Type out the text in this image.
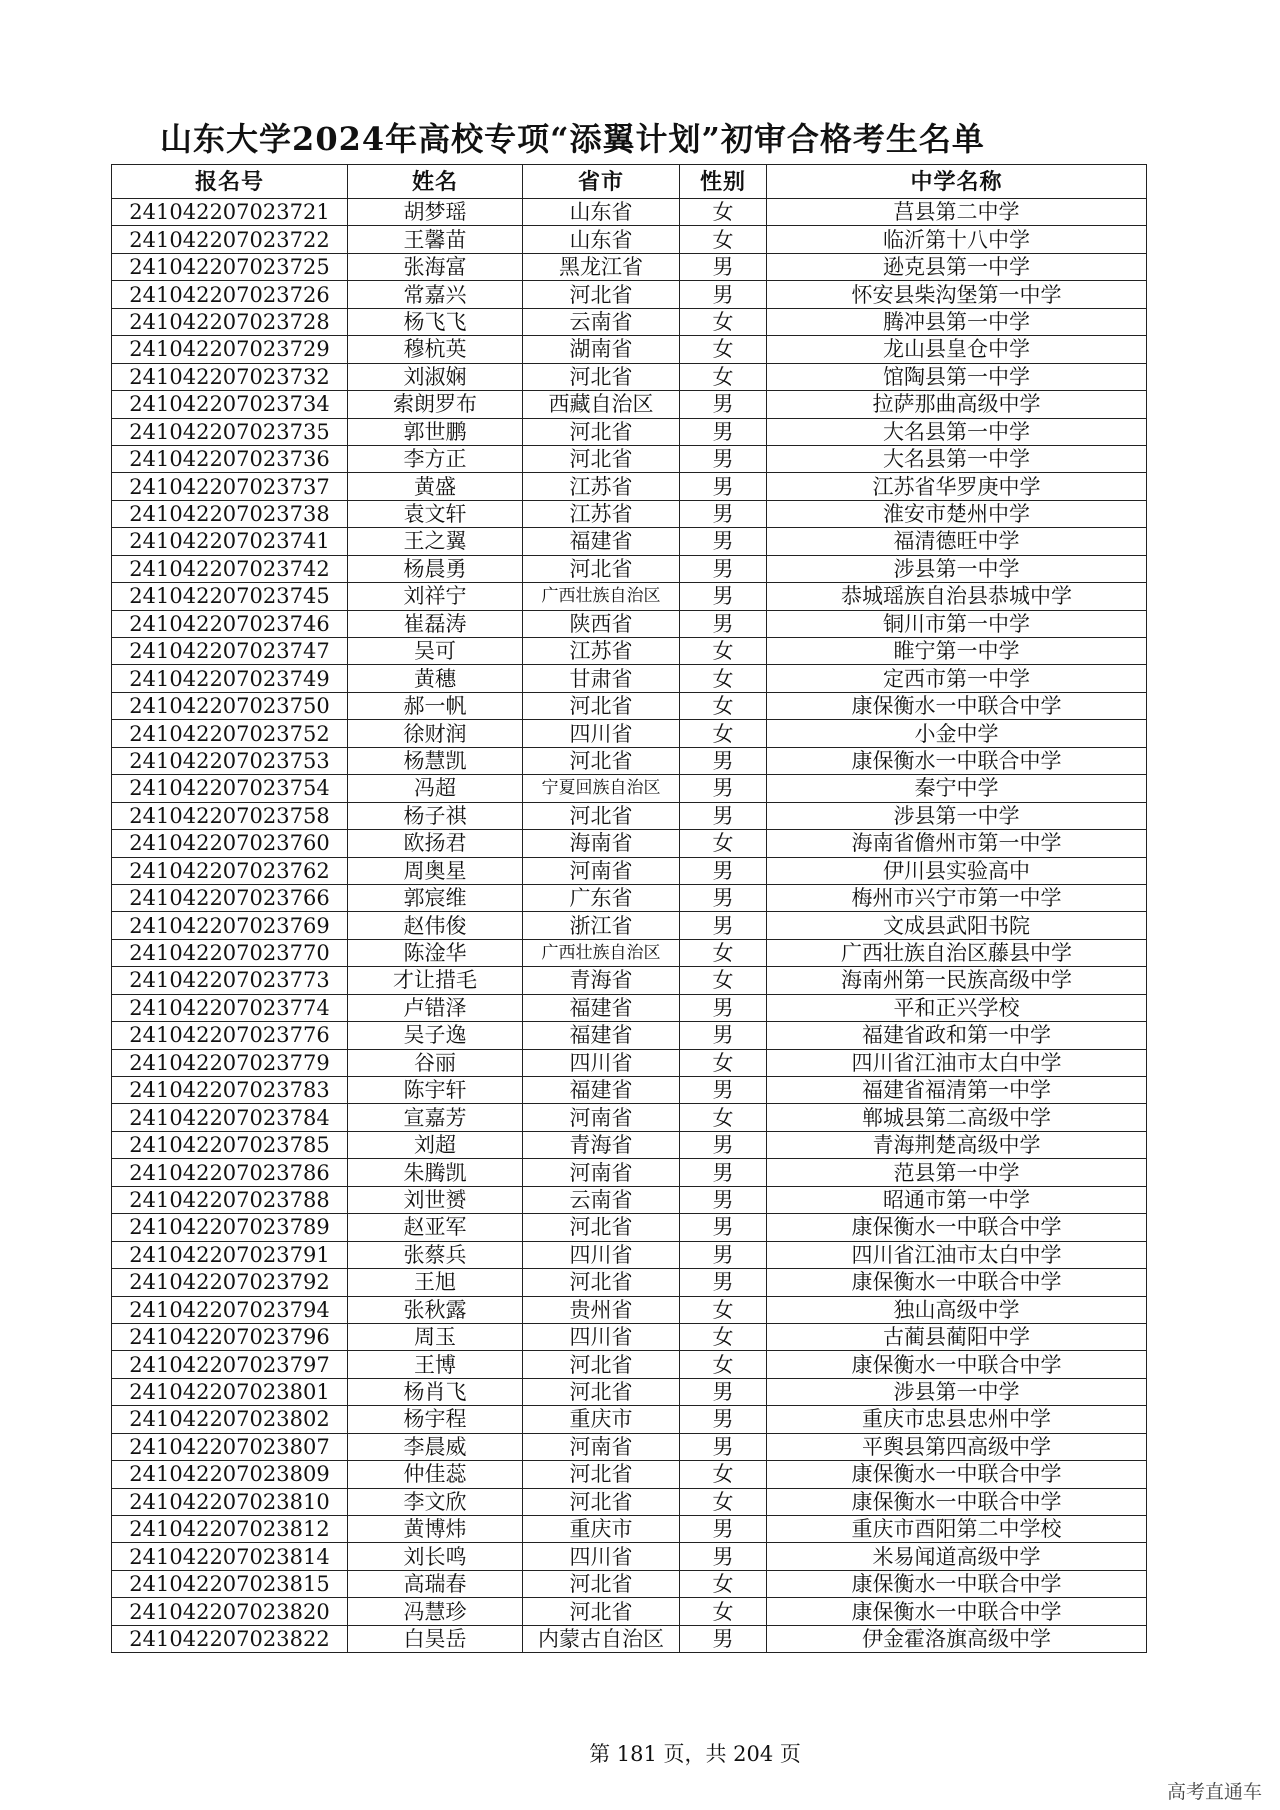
山东大学2024年高校专项“添翼计划”初审合格考生名单
报名号	姓名	省市	性别	中学名称
241042207023721	胡梦瑶	山东省	女	莒县第二中学
241042207023722	王馨苗	山东省	女	临沂第十八中学
241042207023725	张海富	黑龙江省	男	逊克县第一中学
241042207023726	常嘉兴	河北省	男	怀安县柴沟堡第一中学
241042207023728	杨飞飞	云南省	女	腾冲县第一中学
241042207023729	穆杭英	湖南省	女	龙山县皇仓中学
241042207023732	刘淑娴	河北省	女	馆陶县第一中学
241042207023734	索朗罗布	西藏自治区	男	拉萨那曲高级中学
241042207023735	郭世鹏	河北省	男	大名县第一中学
241042207023736	李方正	河北省	男	大名县第一中学
241042207023737	黄盛	江苏省	男	江苏省华罗庚中学
241042207023738	袁文轩	江苏省	男	淮安市楚州中学
241042207023741	王之翼	福建省	男	福清德旺中学
241042207023742	杨晨勇	河北省	男	涉县第一中学
241042207023745	刘祥宁	广西壮族自治区	男	恭城瑶族自治县恭城中学
241042207023746	崔磊涛	陕西省	男	铜川市第一中学
241042207023747	吴可	江苏省	女	睢宁第一中学
241042207023749	黄穗	甘肃省	女	定西市第一中学
241042207023750	郝一帆	河北省	女	康保衡水一中联合中学
241042207023752	徐财润	四川省	女	小金中学
241042207023753	杨慧凯	河北省	男	康保衡水一中联合中学
241042207023754	冯超	宁夏回族自治区	男	秦宁中学
241042207023758	杨子祺	河北省	男	涉县第一中学
241042207023760	欧扬君	海南省	女	海南省儋州市第一中学
241042207023762	周奥星	河南省	男	伊川县实验高中
241042207023766	郭宸维	广东省	男	梅州市兴宁市第一中学
241042207023769	赵伟俊	浙江省	男	文成县武阳书院
241042207023770	陈淦华	广西壮族自治区	女	广西壮族自治区藤县中学
241042207023773	才让措毛	青海省	女	海南州第一民族高级中学
241042207023774	卢错泽	福建省	男	平和正兴学校
241042207023776	吴子逸	福建省	男	福建省政和第一中学
241042207023779	谷丽	四川省	女	四川省江油市太白中学
241042207023783	陈宇轩	福建省	男	福建省福清第一中学
241042207023784	宣嘉芳	河南省	女	郸城县第二高级中学
241042207023785	刘超	青海省	男	青海荆楚高级中学
241042207023786	朱腾凯	河南省	男	范县第一中学
241042207023788	刘世赟	云南省	男	昭通市第一中学
241042207023789	赵亚军	河北省	男	康保衡水一中联合中学
241042207023791	张蔡兵	四川省	男	四川省江油市太白中学
241042207023792	王旭	河北省	男	康保衡水一中联合中学
241042207023794	张秋露	贵州省	女	独山高级中学
241042207023796	周玉	四川省	女	古蔺县蔺阳中学
241042207023797	王博	河北省	女	康保衡水一中联合中学
241042207023801	杨肖飞	河北省	男	涉县第一中学
241042207023802	杨宇程	重庆市	男	重庆市忠县忠州中学
241042207023807	李晨威	河南省	男	平舆县第四高级中学
241042207023809	仲佳蕊	河北省	女	康保衡水一中联合中学
241042207023810	李文欣	河北省	女	康保衡水一中联合中学
241042207023812	黄博炜	重庆市	男	重庆市酉阳第二中学校
241042207023814	刘长鸣	四川省	男	米易闻道高级中学
241042207023815	高瑞春	河北省	女	康保衡水一中联合中学
241042207023820	冯慧珍	河北省	女	康保衡水一中联合中学
241042207023822	白昊岳	内蒙古自治区	男	伊金霍洛旗高级中学
第 181 页，共 204 页
高考直通车
